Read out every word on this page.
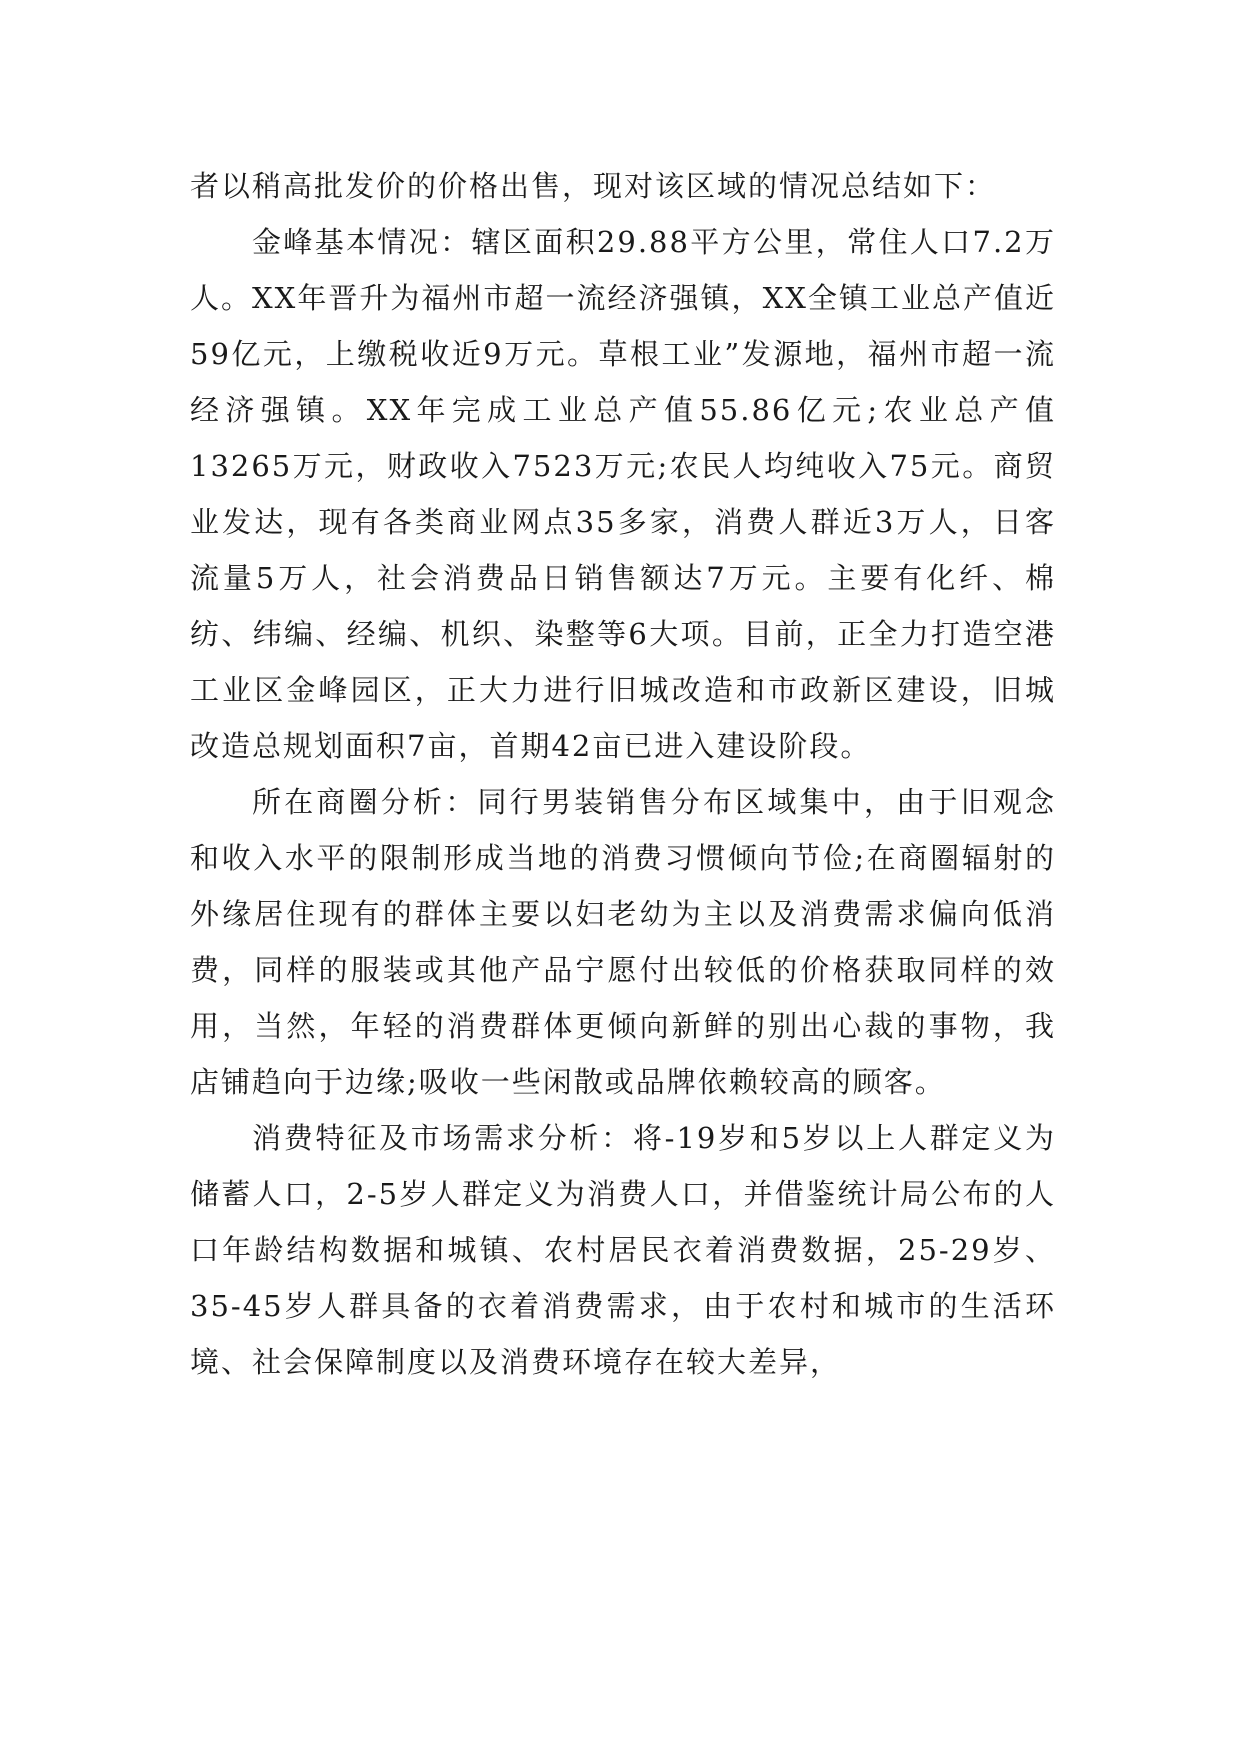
者以稍高批发价的价格出售，现对该区域的情况总结如下：

金峰基本情况：辖区面积29.88平方公里，常住人口7.2万人。XX年晋升为福州市超一流经济强镇，XX全镇工业总产值近59亿元，上缴税收近9万元。草根工业”发源地，福州市超一流经济强镇。XX年完成工业总产值55.86亿元;农业总产值13265万元，财政收入7523万元;农民人均纯收入75元。商贸业发达，现有各类商业网点35多家，消费人群近3万人，日客流量5万人，社会消费品日销售额达7万元。主要有化纤、棉纺、纬编、经编、机织、染整等6大项。目前，正全力打造空港工业区金峰园区，正大力进行旧城改造和市政新区建设，旧城改造总规划面积7亩，首期42亩已进入建设阶段。

所在商圈分析：同行男装销售分布区域集中，由于旧观念和收入水平的限制形成当地的消费习惯倾向节俭;在商圈辐射的外缘居住现有的群体主要以妇老幼为主以及消费需求偏向低消费，同样的服装或其他产品宁愿付出较低的价格获取同样的效用，当然，年轻的消费群体更倾向新鲜的别出心裁的事物，我店铺趋向于边缘;吸收一些闲散或品牌依赖较高的顾客。

消费特征及市场需求分析：将-19岁和5岁以上人群定义为储蓄人口，2-5岁人群定义为消费人口，并借鉴统计局公布的人口年龄结构数据和城镇、农村居民衣着消费数据，25-29岁、35-45岁人群具备的衣着消费需求，由于农村和城市的生活环境、社会保障制度以及消费环境存在较大差异，
